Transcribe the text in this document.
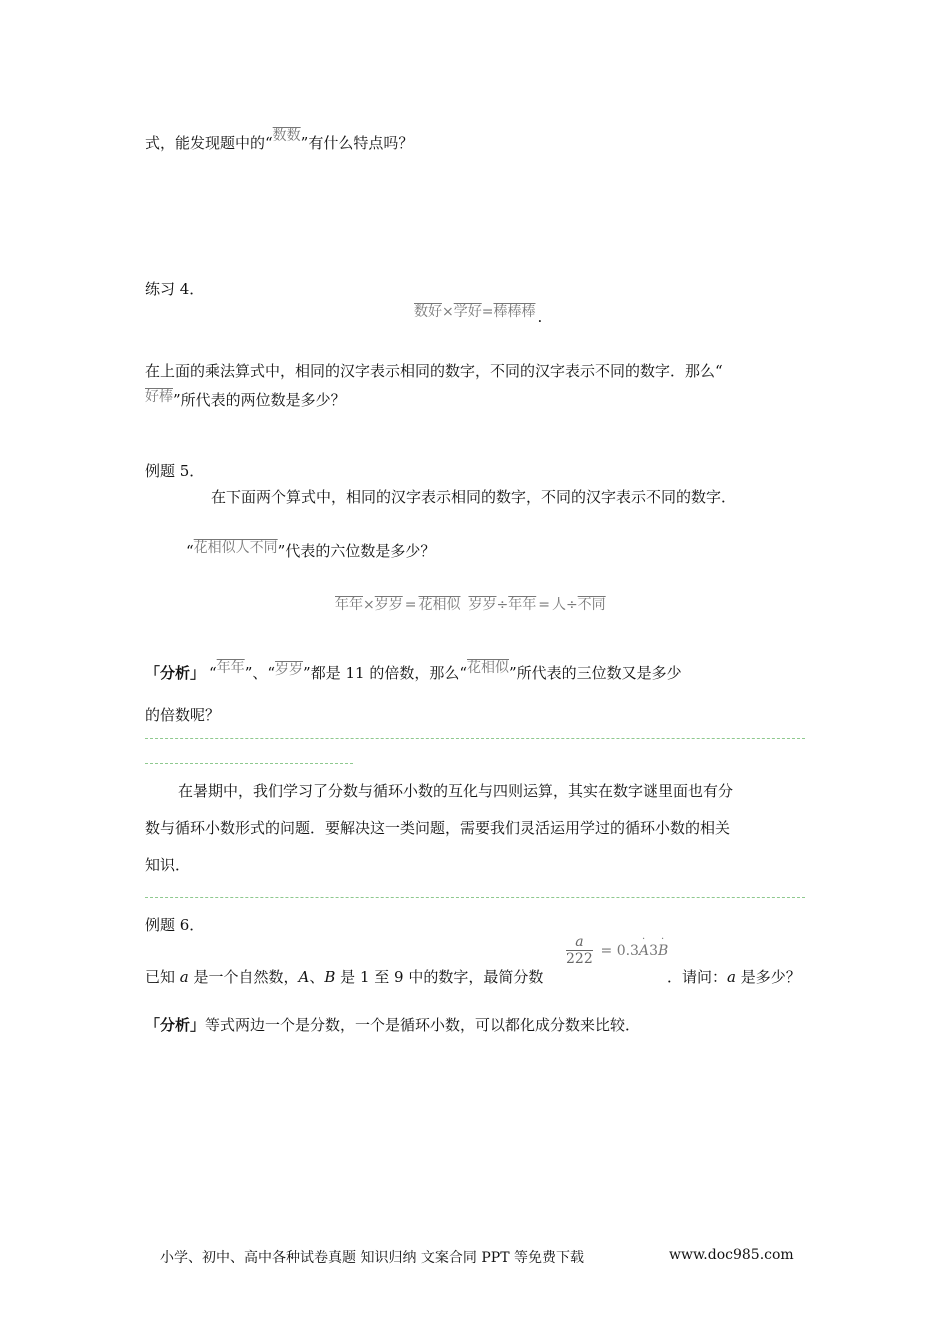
式，能发现题中的“数数”有什么特点吗？
练习 4．
数好×学好=棒棒棒 .
在上面的乘法算式中，相同的汉字表示相同的数字，不同的汉字表示不同的数字．那么“
好棒”所代表的两位数是多少？
例题 5．
在下面两个算式中，相同的汉字表示相同的数字，不同的汉字表示不同的数字．
“花相似人不同”代表的六位数是多少？
年年×岁岁 = 花相似 岁岁÷年年 = 人÷不同
「分析」 “年年”、“岁岁”都是 11 的倍数，那么“花相似”所代表的三位数又是多少
的倍数呢？
在暑期中，我们学习了分数与循环小数的互化与四则运算，其实在数字谜里面也有分
数与循环小数形式的问题．要解决这一类问题，需要我们灵活运用学过的循环小数的相关
知识．
例题 6．
已知 a 是一个自然数，A、B 是 1 至 9 中的数字，最简分数
$\frac{a}{222} = 0.3$
·
A3
·
B
．请问：a 是多少？
「分析」等式两边一个是分数，一个是循环小数，可以都化成分数来比较．
小学、初中、高中各种试卷真题 知识归纳 文案合同 PPT 等免费下载	www.doc985.com
